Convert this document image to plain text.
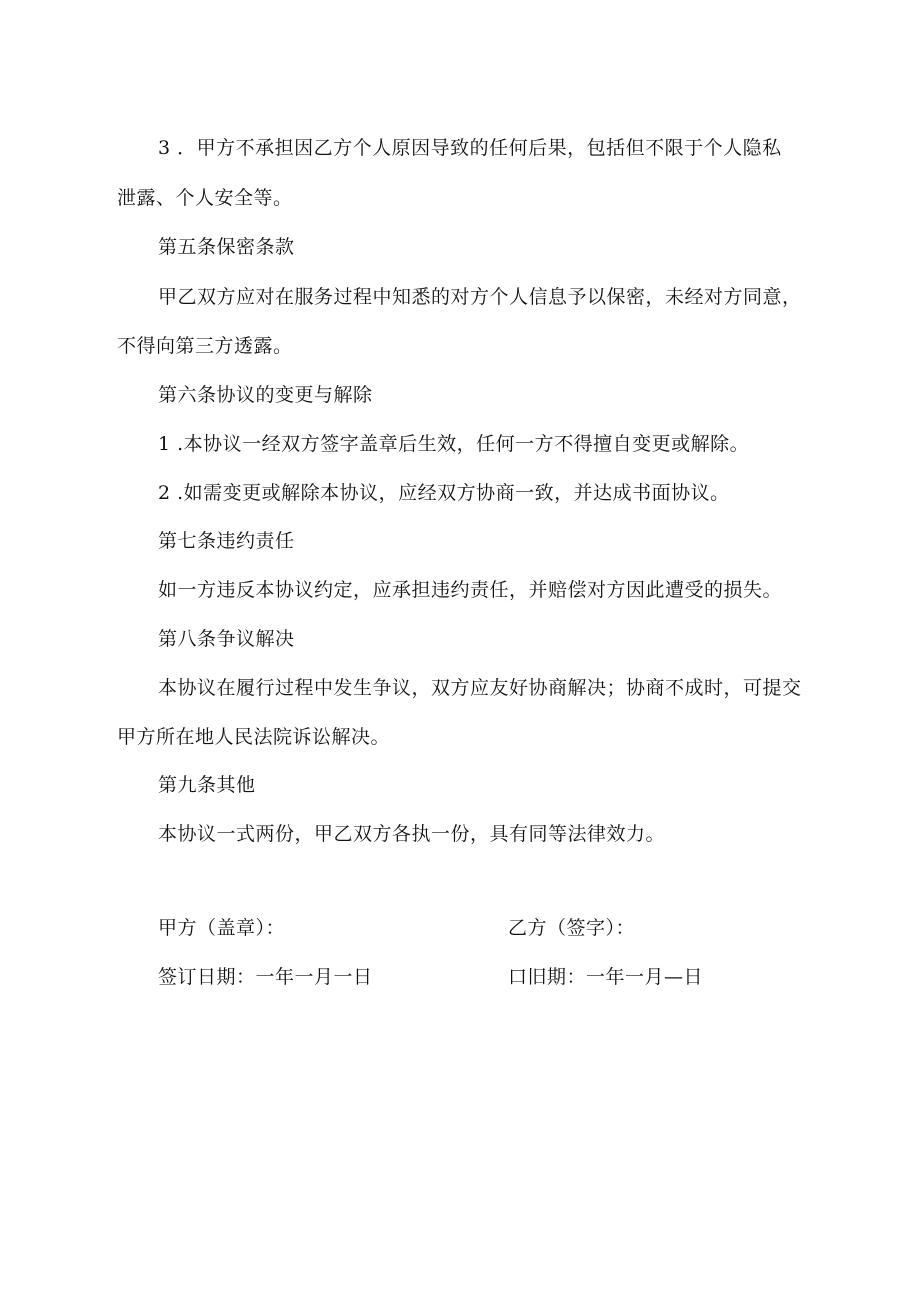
3 ．甲方不承担因乙方个人原因导致的任何后果，包括但不限于个人隐私
泄露、个人安全等。
第五条保密条款
甲乙双方应对在服务过程中知悉的对方个人信息予以保密，未经对方同意，
不得向第三方透露。
第六条协议的变更与解除
1 .本协议一经双方签字盖章后生效，任何一方不得擅自变更或解除。
2 .如需变更或解除本协议，应经双方协商一致，并达成书面协议。
第七条违约责任
如一方违反本协议约定，应承担违约责任，并赔偿对方因此遭受的损失。
第八条争议解决
本协议在履行过程中发生争议，双方应友好协商解决；协商不成时，可提交
甲方所在地人民法院诉讼解决。
第九条其他
本协议一式两份，甲乙双方各执一份，具有同等法律效力。
甲方（盖章）：	乙方（签字）：
签订日期：一年一月一日	口旧期：一年一月—日
